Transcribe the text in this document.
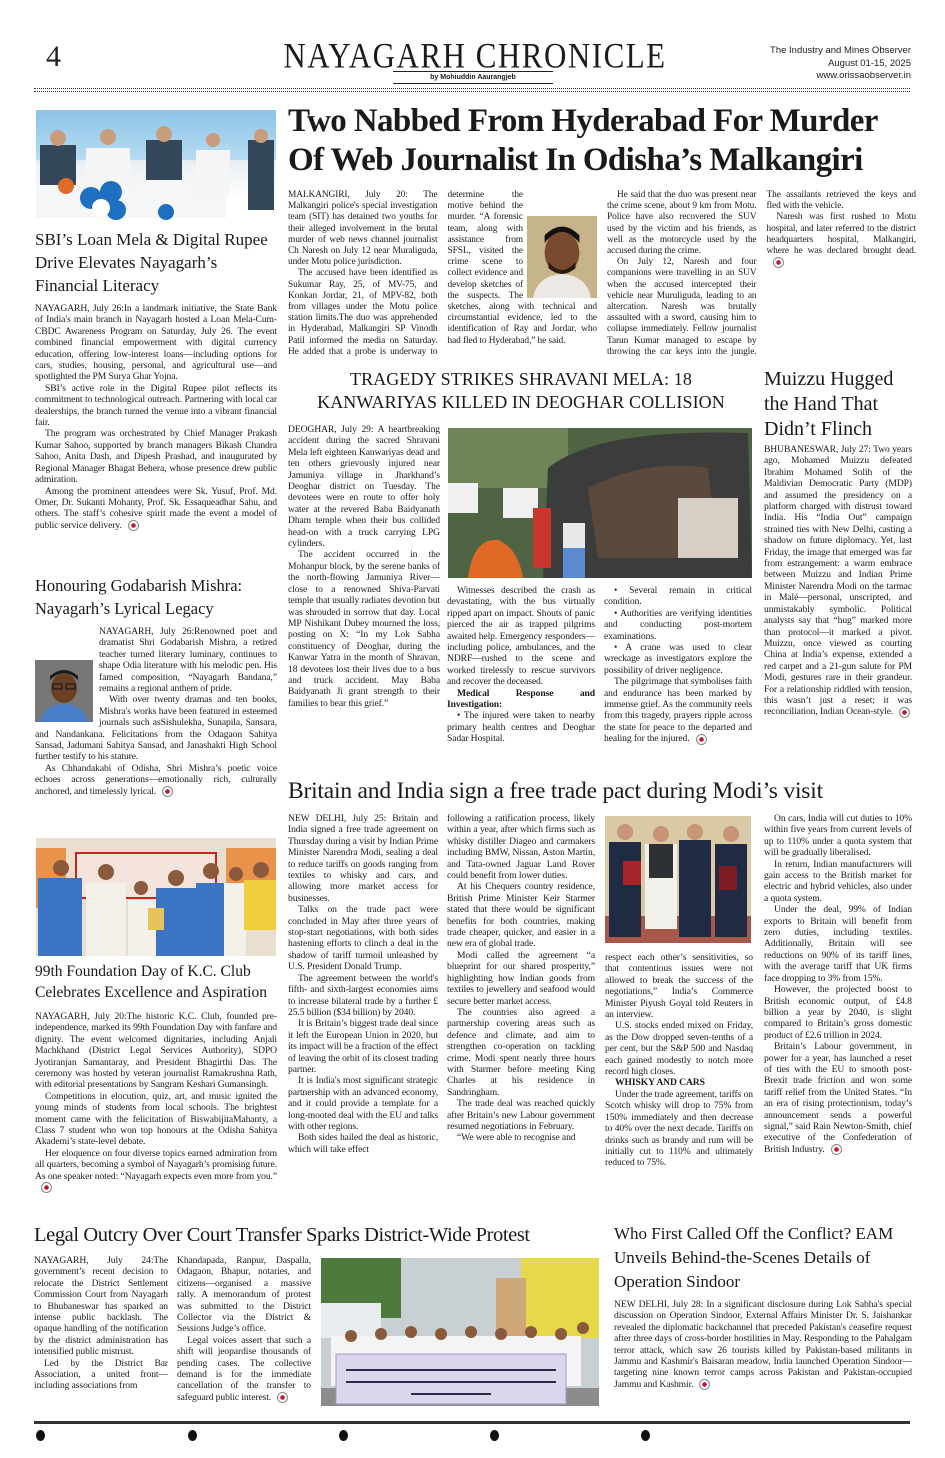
4	NAYAGARH CHRONICLE
by Mohiuddin Aaurangjeb
The Industry and Mines Observer
August 01-15, 2025
www.orissaobserver.in
SBI’s Loan Mela & Digital Rupee Drive Elevates Nayagarh’s Financial Literacy

NAYAGARH, July 26:In a landmark initiative, the State Bank of India's main branch in Nayagarh hosted a Loan Mela-Cum-CBDC Awareness Program on Saturday, July 26. The event combined financial empowerment with digital currency education, offering low-interest loans—including options for cars, studies, housing, personal, and agricultural use—and spotlighted the PM Surya Ghar Yojna.

SBI’s active role in the Digital Rupee pilot reflects its commitment to technological outreach. Partnering with local car dealerships, the branch turned the venue into a vibrant financial fair.

The program was orchestrated by Chief Manager Prakash Kumar Sahoo, supported by branch managers Bikash Chandra Sahoo, Anita Dash, and Dipesh Prashad, and inaugurated by Regional Manager Bhagat Behera, whose presence drew public admiration.

Among the prominent attendees were Sk. Yusuf, Prof. Md. Omer, Dr. Sukanti Mohanty, Prof. Sk. Essaqueadhar Sahu, and others. The staff’s cohesive spirit made the event a model of public service delivery.

Honouring Godabarish Mishra: Nayagarh’s Lyrical Legacy

NAYAGARH, July 26:Renowned poet and dramatist Shri Godabarish Mishra, a retired teacher turned literary luminary, continues to shape Odia literature with his melodic pen. His famed composition, “Nayagarh Bandana,” remains a regional anthem of pride.

With over twenty dramas and ten books, Mishra's works have been featured in esteemed journals such asSishulekha, Sunapila, Sansara, and Nandankana. Felicitations from the Odagaon Sahitya Sansad, Jadumani Sahitya Sansad, and Janashakti High School further testify to his stature.

As Chhandakabi of Odisha, Shri Mishra’s poetic voice echoes across generations—emotionally rich, culturally anchored, and timelessly lyrical.

99th Foundation Day of K.C. Club Celebrates Excellence and Aspiration

NAYAGARH, July 20:The historic K.C. Club, founded pre-independence, marked its 99th Foundation Day with fanfare and dignity. The event welcomed dignitaries, including Anjali Machkhand (District Legal Services Authority), SDPO Jyotiranjan Samantaray, and President Bhagirthi Das. The ceremony was hosted by veteran journalist Ramakrushna Rath, with editorial presentations by Sangram Keshari Gumansingh.

Competitions in elocution, quiz, art, and music ignited the young minds of students from local schools. The brightest moment came with the felicitation of BiswabijitaMahanty, a Class 7 student who won top honours at the Odisha Sahitya Akademi’s state-level debate.

Her eloquence on four diverse topics earned admiration from all quarters, becoming a symbol of Nayagarh’s promising future. As one speaker noted: “Nayagarh expects even more from you.”

Two Nabbed From Hyderabad For Murder Of Web Journalist In Odisha’s Malkangiri

MALKANGIRI, July 20: The Malkangiri police's special investigation team (SIT) has detained two youths for their alleged involvement in the brutal murder of web news channel journalist Ch Naresh on July 12 near Muraliguda, under Motu police jurisdiction.

The accused have been identified as Sukumar Ray, 25, of MV-75, and Konkan Jordar, 21, of MPV-82, both from villages under the Motu police station limits.The duo was apprehended in Hyderabad, Malkangiri SP Vinodh Patil informed the media on Saturday. He added that a probe is underway to determine the motive behind the murder. “A forensic team, along with assistance from SFSL, visited the crime scene to collect evidence and develop sketches of the suspects. The sketches, along with technical and circumstantial evidence, led to the identification of Ray and Jordar, who had fled to Hyderabad,” he said.

He said that the duo was present near the crime scene, about 9 km from Motu. Police have also recovered the SUV used by the victim and his friends, as well as the motorcycle used by the accused during the crime.

On July 12, Naresh and four companions were travelling in an SUV when the accused intercepted their vehicle near Muruliguda, leading to an altercation. Naresh was brutally assaulted with a sword, causing him to collapse immediately. Fellow journalist Tarun Kumar managed to escape by throwing the car keys into the jungle. The assailants retrieved the keys and fled with the vehicle.

Naresh was first rushed to Motu hospital, and later referred to the district headquarters hospital, Malkangiri, where he was declared brought dead.

TRAGEDY STRIKES SHRAVANI MELA: 18 KANWARIYAS KILLED IN DEOGHAR COLLISION

DEOGHAR, July 29: A heartbreaking accident during the sacred Shravani Mela left eighteen Kanwariyas dead and ten others grievously injured near Jamuniya village in Jharkhand’s Deoghar district on Tuesday. The devotees were en route to offer holy water at the revered Baba Baidyanath Dham temple when their bus collided head-on with a truck carrying LPG cylinders.

The accident occurred in the Mohanpur block, by the serene banks of the north-flowing Jamuniya River—close to a renowned Shiva-Parvati temple that usually radiates devotion but was shrouded in sorrow that day. Local MP Nishikant Dubey mourned the loss, posting on X: “In my Lok Sabha constituency of Deoghar, during the Kanwar Yatra in the month of Shravan, 18 devotees lost their lives due to a bus and truck accident. May Baba Baidyanath Ji grant strength to their families to bear this grief.”

Witnesses described the crash as devastating, with the bus virtually ripped apart on impact. Shouts of panic pierced the air as trapped pilgrims awaited help. Emergency responders—including police, ambulances, and the NDRF—rushed to the scene and worked tirelessly to rescue survivors and recover the deceased.

Medical Response and Investigation:

• The injured were taken to nearby primary health centres and Deoghar Sadar Hospital.

• Several remain in critical condition.

• Authorities are verifying identities and conducting post-mortem examinations.

• A crane was used to clear wreckage as investigators explore the possibility of driver negligence.

The pilgrimage that symbolises faith and endurance has been marked by immense grief. As the community reels from this tragedy, prayers ripple across the state for peace to the departed and healing for the injured.

Muizzu Hugged the Hand That Didn’t Flinch

BHUBANESWAR, July 27: Two years ago, Mohamed Muizzu defeated Ibrahim Mohamed Solih of the Maldivian Democratic Party (MDP) and assumed the presidency on a platform charged with distrust toward India. His “India Out” campaign strained ties with New Delhi, casting a shadow on future diplomacy. Yet, last Friday, the image that emerged was far from estrangement: a warm embrace between Muizzu and Indian Prime Minister Narendra Modi on the tarmac in Malé—personal, unscripted, and unmistakably symbolic. Political analysts say that “hug” marked more than protocol—it marked a pivot. Muizzu, once viewed as courting China at India’s expense, extended a red carpet and a 21-gun salute for PM Modi, gestures rare in their grandeur. For a relationship riddled with tension, this wasn’t just a reset; it was reconciliation, Indian Ocean-style.

Britain and India sign a free trade pact during Modi’s visit

NEW DELHI, July 25: Britain and India signed a free trade agreement on Thursday during a visit by Indian Prime Minister Narendra Modi, sealing a deal to reduce tariffs on goods ranging from textiles to whisky and cars, and allowing more market access for businesses.

Talks on the trade pact were concluded in May after three years of stop-start negotiations, with both sides hastening efforts to clinch a deal in the shadow of tariff turmoil unleashed by U.S. President Donald Trump.

The agreement between the world's fifth- and sixth-largest economies aims to increase bilateral trade by a further £ 25.5 billion ($34 billion) by 2040.

It is Britain’s biggest trade deal since it left the European Union in 2020, but its impact will be a fraction of the effect of leaving the orbit of its closest trading partner.

It is India's most significant strategic partnership with an advanced economy, and it could provide a template for a long-mooted deal with the EU and talks with other regions.

Both sides hailed the deal as historic, which will take effect

following a ratification process, likely within a year, after which firms such as whisky distiller Diageo and carmakers including BMW, Nissan, Aston Martin, and Tata-owned Jaguar Land Rover could benefit from lower duties.

At his Chequers country residence, British Prime Minister Keir Starmer stated that there would be significant benefits for both countries, making trade cheaper, quicker, and easier in a new era of global trade.

Modi called the agreement “a blueprint for our shared prosperity,” highlighting how Indian goods from textiles to jewellery and seafood would secure better market access.

The countries also agreed a partnership covering areas such as defence and climate, and aim to strengthen co-operation on tackling crime. Modi spent nearly three hours with Starmer before meeting King Charles at his residence in Sandringham.

The trade deal was reached quickly after Britain’s new Labour government resumed negotiations in February.

“We were able to recognise and

respect each other’s sensitivities, so that contentious issues were not allowed to break the success of the negotiations,” India’s Commerce Minister Piyush Goyal told Reuters in an interview.

U.S. stocks ended mixed on Friday, as the Dow dropped seven-tenths of a per cent, but the S&P 500 and Nasdaq each gained modestly to notch more record high closes.

WHISKY AND CARS

Under the trade agreement, tariffs on Scotch whisky will drop to 75% from 150% immediately and then decrease to 40% over the next decade. Tariffs on drinks such as brandy and rum will be initially cut to 110% and ultimately reduced to 75%.

On cars, India will cut duties to 10% within five years from current levels of up to 110% under a quota system that will be gradually liberalised.

In return, Indian manufacturers will gain access to the British market for electric and hybrid vehicles, also under a quota system.

Under the deal, 99% of Indian exports to Britain will benefit from zero duties, including textiles. Additionally, Britain will see reductions on 90% of its tariff lines, with the average tariff that UK firms face dropping to 3% from 15%.

However, the projected boost to British economic output, of £4.8 billion a year by 2040, is slight compared to Britain’s gross domestic product of £2.6 trillion in 2024.

Britain’s Labour government, in power for a year, has launched a reset of ties with the EU to smooth post-Brexit trade friction and won some tariff relief from the United States. “In an era of rising protectionism, today’s announcement sends a powerful signal,” said Rain Newton-Smith, chief executive of the Confederation of British Industry.

Legal Outcry Over Court Transfer Sparks District-Wide Protest

NAYAGARH, July 24:The government’s recent decision to relocate the District Settlement Commission Court from Nayagarh to Bhubaneswar has sparked an intense public backlash. The opaque handling of the notification by the district administration has intensified public mistrust.

Led by the District Bar Association, a united front—including associations from

Khandapada, Ranpur, Daspalla, Odagaon, Bhapur, notaries, and citizens—organised a massive rally. A memorandum of protest was submitted to the District Collector via the District & Sessions Judge’s office.

Legal voices assert that such a shift will jeopardise thousands of pending cases. The collective demand is for the immediate cancellation of the transfer to safeguard public interest.

Who First Called Off the Conflict? EAM Unveils Behind-the-Scenes Details of Operation Sindoor

NEW DELHI, July 28: In a significant disclosure during Lok Sabha's special discussion on Operation Sindoor, External Affairs Minister Dr. S. Jaishankar revealed the diplomatic backchannel that preceded Pakistan's ceasefire request after three days of cross-border hostilities in May. Responding to the Pahalgam terror attack, which saw 26 tourists killed by Pakistan-based militants in Jammu and Kashmir's Baisaran meadow, India launched Operation Sindoor—targeting nine known terror camps across Pakistan and Pakistan-occupied Jammu and Kashmir.
